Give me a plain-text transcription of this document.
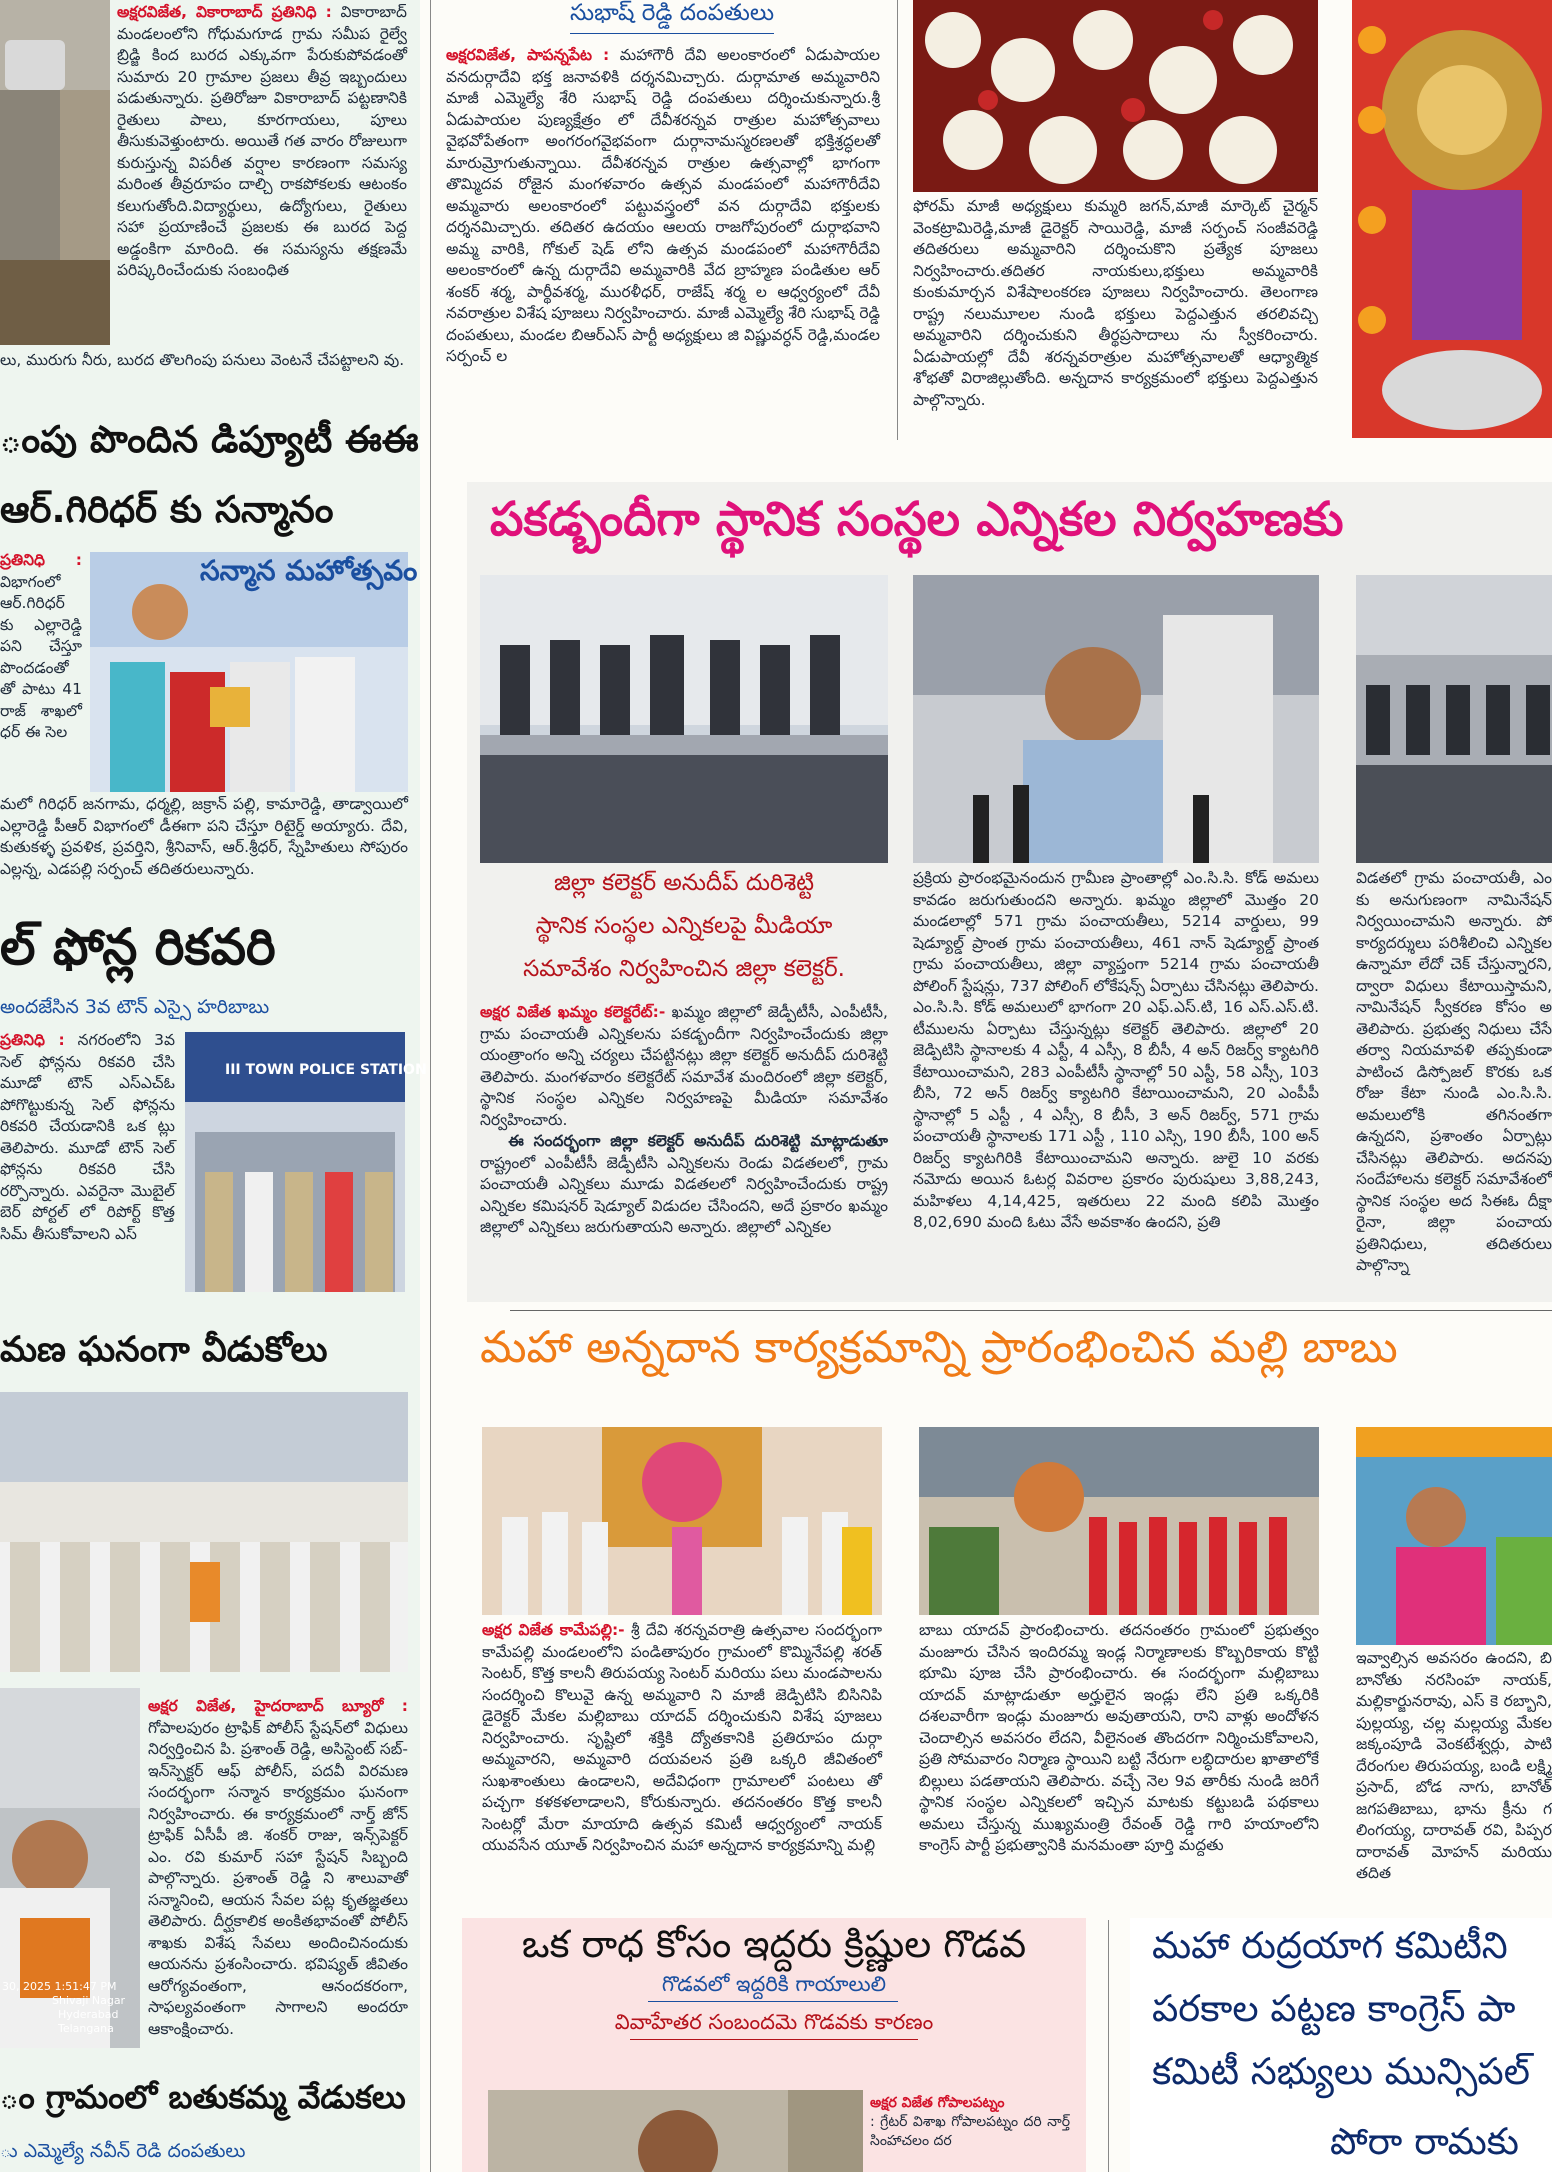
అక్షరవిజేత, వికారాబాద్ ప్రతినిధి : వికారాబాద్ మండలంలోని గోధుమగూడ గ్రామ సమీప రైల్వే బ్రిడ్జి కింద బురద ఎక్కువగా పేరుకుపోవడంతో సుమారు 20 గ్రామాల ప్రజలు తీవ్ర ఇబ్బందులు పడుతున్నారు. ప్రతిరోజూ వికారాబాద్ పట్టణానికి రైతులు పాలు, కూరగాయలు, పూలు తీసుకువెళ్తుంటారు. అయితే గత వారం రోజులుగా కురుస్తున్న విపరీత వర్షాల కారణంగా సమస్య మరింత తీవ్రరూపం దాల్చి రాకపోకలకు ఆటంకం కలుగుతోంది.విద్యార్థులు, ఉద్యోగులు, రైతులు సహా ప్రయాణించే ప్రజలకు ఈ బురద పెద్ద అడ్డంకిగా మారింది. ఈ సమస్యను తక్షణమే పరిష్కరించేందుకు సంబంధిత

లు, మురుగు నీరు, బురద తొలగింపు పనులు వెంటనే చేపట్టాలని వు.

ంపు పొందిన డిప్యూటీ ఈఈ
ఆర్.గిరిధర్ కు సన్మానం

ప్రతినిధి : విభాగంలో ఆర్.గిరిధర్ కు ఎల్లారెడ్డి పని చేస్తూ పొందడంతో తో పాటు 41 రాజ్ శాఖలో ధర్ ఈ సెల

సన్మాన మహోత్సవం

మలో గిరిధర్ జనగామ, ధర్మల్లి, జక్రాన్ పల్లి, కామారెడ్డి, తాడ్వాయిలో ఎల్లారెడ్డి పీఆర్ విభాగంలో డీఈగా పని చేస్తూ రిటైర్డ్ అయ్యారు. దేవి, కుతుకళ్ళ ప్రవళిక, ప్రవర్తిని, శ్రీనివాస్, ఆర్.శ్రీధర్, స్నేహితులు సోపురం ఎల్లన్న, ఎడపల్లి సర్పంచ్ తదితరులున్నారు.

ల్ ఫోన్ల రికవరి
అందజేసిన 3వ టౌన్ ఎస్సై హరిబాబు

ప్రతినిధి : నగరంలోని 3వ సెల్ ఫోన్లను రికవరి చేసి మూడో టౌన్ ఎస్ఎచ్ఓ పోగొట్టుకున్న సెల్ ఫోన్లను రికవరి చేయడానికి ఒక ట్లు తెలిపారు. మూడో టౌన్ సెల్ ఫోన్లను రికవరి చేసి రర్పొన్నారు. ఎవరైనా మొబైల్ బెర్ పోర్టల్ లో రిపోర్ట్ కొత్త సిమ్ తీసుకోవాలని ఎస్

III TOWN POLICE STATION
మణ ఘనంగా వీడుకోలు
30, 2025 1:51:47 PM
Shivaji Nagar
Hyderabad
Telangana

అక్షర విజేత, హైదరాబాద్ బ్యూరో : గోపాలపురం ట్రాఫిక్ పోలీస్ స్టేషన్‌లో విధులు నిర్వర్తించిన పి. ప్రశాంత్ రెడ్డి, అసిస్టెంట్ సబ్-ఇన్‌స్పెక్టర్ ఆఫ్ పోలీస్, పదవీ విరమణ సందర్భంగా సన్మాన కార్యక్రమం ఘనంగా నిర్వహించారు. ఈ కార్యక్రమంలో నార్త్ జోన్ ట్రాఫిక్ ఏసీపీ జి. శంకర్ రాజు, ఇన్స్‌పెక్టర్ ఎం. రవి కుమార్ సహా స్టేషన్ సిబ్బంది పాల్గొన్నారు. ప్రశాంత్ రెడ్డి ని శాలువాతో సన్మానించి, ఆయన సేవల పట్ల కృతజ్ఞతలు తెలిపారు. దీర్ఘకాలిక అంకితభావంతో పోలీస్ శాఖకు విశేష సేవలు అందించినందుకు ఆయనను ప్రశంసించారు. భవిష్యత్ జీవితం ఆరోగ్యవంతంగా, ఆనందకరంగా, సాఫల్యవంతంగా సాగాలని అందరూ ఆకాంక్షించారు.

ం గ్రామంలో బతుకమ్మ వేడుకలు
ు ఎమ్మెల్యే నవీన్ రెడి దంపతులు
సుభాష్ రెడ్డి దంపతులు

అక్షరవిజేత, పాపన్నపేట : మహాగౌరీ దేవి అలంకారంలో ఏడుపాయల వనదుర్గాదేవి భక్త జనావళికి దర్శనమిచ్చారు. దుర్గామాత అమ్మవారిని మాజీ ఎమ్మెల్యే శేరి సుభాష్ రెడ్డి దంపతులు దర్శించుకున్నారు.శ్రీ ఏడుపాయల పుణ్యక్షేత్రం లో దేవీశరన్నవ రాత్రుల మహోత్సవాలు వైభవోపేతంగా అంగరంగవైభవంగా దుర్గానామస్మరణలతో భక్తిశ్రద్ధలతో మారుమ్రోగుతున్నాయి. దేవీశరన్నవ రాత్రుల ఉత్సవాల్లో భాగంగా తొమ్మిదవ రోజైన మంగళవారం ఉత్సవ మండపంలో మహాగౌరీదేవి అమ్మవారు అలంకారంలో పట్టువస్త్రంలో వన దుర్గాదేవి భక్తులకు దర్శనమిచ్చారు. తదితర ఉదయం ఆలయ రాజగోపురంలో దుర్గాభవాని అమ్మ వారికి, గోకుల్ షెడ్ లోని ఉత్సవ మండపంలో మహాగౌరీదేవి అలంకారంలో ఉన్న దుర్గాదేవి అమ్మవారికి వేద బ్రాహ్మణ పండితుల ఆర్ శంకర్ శర్మ, పార్థీవశర్మ, మురళీధర్, రాజేష్ శర్మ ల ఆధ్వర్యంలో దేవీ నవరాత్రుల విశేష పూజలు నిర్వహించారు. మాజీ ఎమ్మెల్యే శేరి సుభాష్ రెడ్డి దంపతులు, మండల బిఆర్ఎస్ పార్టీ అధ్యక్షులు జి విష్ణువర్ధన్ రెడ్డి,మండల సర్పంచ్ ల

ఫోరమ్ మాజీ అధ్యక్షులు కుమ్మరి జగన్,మాజీ మార్కెట్ చైర్మన్ వెంకట్రామిరెడ్డి,మాజీ డైరెక్టర్ సాయిరెడ్డి, మాజీ సర్పంచ్ సంజీవరెడ్డి తదితరులు అమ్మవారిని దర్శించుకొని ప్రత్యేక పూజలు నిర్వహించారు.తదితర నాయకులు,భక్తులు అమ్మవారికి కుంకుమార్చన విశేషాలంకరణ పూజలు నిర్వహించారు. తెలంగాణ రాష్ట్ర నలుమూలల నుండి భక్తులు పెద్దఎత్తున తరలివచ్చి అమ్మవారిని దర్శించుకుని తీర్థప్రసాదాలు ను స్వీకరించారు. ఏడుపాయల్లో దేవీ శరన్నవరాత్రుల మహోత్సవాలతో ఆధ్యాత్మిక శోభతో విరాజిల్లుతోంది. అన్నదాన కార్యక్రమంలో భక్తులు పెద్దఎత్తున పాల్గొన్నారు.

పకడ్బందీగా స్థానిక సంస్థల ఎన్నికల నిర్వహణకు
జిల్లా కలెక్టర్ అనుదీప్ దురిశెట్టి
స్థానిక సంస్థల ఎన్నికలపై మీడియా
సమావేశం నిర్వహించిన జిల్లా కలెక్టర్.

అక్షర విజేత ఖమ్మం కలెక్టరేట్:- ఖమ్మం జిల్లాలో జెడ్పీటీసీ, ఎంపీటీసీ, గ్రామ పంచాయతీ ఎన్నికలను పకడ్బందీగా నిర్వహించేందుకు జిల్లా యంత్రాంగం అన్ని చర్యలు చేపట్టినట్లు జిల్లా కలెక్టర్ అనుదీప్ దురిశెట్టి తెలిపారు. మంగళవారం కలెక్టరేట్ సమావేశ మందిరంలో జిల్లా కలెక్టర్, స్థానిక సంస్థల ఎన్నికల నిర్వహణపై మీడియా సమావేశం నిర్వహించారు.
ఈ సందర్భంగా జిల్లా కలెక్టర్ అనుదీప్ దురిశెట్టి మాట్లాడుతూ రాష్ట్రంలో ఎంపీటీసీ జెడ్పీటీసి ఎన్నికలను రెండు విడతలలో, గ్రామ పంచాయతీ ఎన్నికలు మూడు విడతలలో నిర్వహించేందుకు రాష్ట్ర ఎన్నికల కమిషనర్ షెడ్యూల్ విడుదల చేసిందని, అదే ప్రకారం ఖమ్మం జిల్లాలో ఎన్నికలు జరుగుతాయని అన్నారు. జిల్లాలో ఎన్నికల

ప్రక్రియ ప్రారంభమైనందున గ్రామీణ ప్రాంతాల్లో ఎం.సి.సి. కోడ్ అమలు కావడం జరుగుతుందని అన్నారు. ఖమ్మం జిల్లాలో మొత్తం 20 మండలాల్లో 571 గ్రామ పంచాయతీలు, 5214 వార్డులు, 99 షెడ్యూల్డ్ ప్రాంత గ్రామ పంచాయతీలు, 461 నాన్ షెడ్యూల్డ్ ప్రాంత గ్రామ పంచాయతీలు, జిల్లా వ్యాప్తంగా 5214 గ్రామ పంచాయతీ పోలింగ్ స్టేషన్లు, 737 పోలింగ్ లోకేషన్స్ ఏర్పాటు చేసినట్లు తెలిపారు. ఎం.సి.సి. కోడ్ అమలులో భాగంగా 20 ఎఫ్.ఎస్.టి, 16 ఎస్.ఎస్.టి. టీములను ఏర్పాటు చేస్తున్నట్లు కలెక్టర్ తెలిపారు. జిల్లాలో 20 జెడ్పిటిసి స్థానాలకు 4 ఎస్టీ, 4 ఎస్సీ, 8 బీసీ, 4 అన్ రిజర్వ్ క్యాటగిరి కేటాయించామని, 283 ఎంపీటీసీ స్థానాల్లో 50 ఎస్టీ, 58 ఎస్సీ, 103 బీసి, 72 అన్ రిజర్వ్ క్యాటగిరి కేటాయించామని, 20 ఎంపీపీ స్థానాల్లో 5 ఎస్టీ , 4 ఎస్సీ, 8 బీసీ, 3 అన్ రిజర్వ్, 571 గ్రామ పంచాయతీ స్థానాలకు 171 ఎస్టీ , 110 ఎస్సి, 190 బీసీ, 100 అన్ రిజర్వ్ క్యాటగిరికి కేటాయించామని అన్నారు. జులై 10 వరకు నమోదు అయిన ఓటర్ల వివరాల ప్రకారం పురుషులు 3,88,243, మహిళలు 4,14,425, ఇతరులు 22 మంది కలిపి మొత్తం 8,02,690 మంది ఓటు వేసే అవకాశం ఉందని, ప్రతి

విడతలో గ్రామ పంచాయతీ, ఎం కు అనుగుణంగా నామినేషన్ నిర్వయించామని అన్నారు. పో కార్యదర్శులు పరిశీలించి ఎన్నికల ఉన్నామా లేదో చెక్ చేస్తున్నారని, ద్వారా విధులు కేటాయిస్తామని, నామినేషన్ స్వీకరణ కోసం అ తెలిపారు. ప్రభుత్వ నిధులు చేసే తర్వా నియమావళి తప్పకుండా పాటించ డిస్పోజల్ కొరకు ఒక రోజు కేటా నుండి ఎం.సి.సి. అమలులోకి తగినంతగా ఉన్నదని, ప్రశాంతం ఏర్పాట్లు చేసినట్లు తెలిపారు. అదనపు సందేహాలను కలెక్టర్ సమావేశంలో స్థానిక సంస్థల అద సిఈఓ దీక్షా రైనా, జిల్లా పంచాయ ప్రతినిధులు, తదితరులు పాల్గొన్నా

మహా అన్నదాన కార్యక్రమాన్ని ప్రారంభించిన మల్లి బాబు

అక్షర విజేత కామేపల్లి:- శ్రీ దేవి శరన్నవరాత్రి ఉత్సవాల సందర్భంగా కామేపల్లి మండలంలోని పండితాపురం గ్రామంలో కొమ్మినేపల్లి శరత్ సెంటర్, కొత్త కాలనీ తిరుపయ్య సెంటర్ మరియు పలు మండపాలను సందర్శించి కొలువై ఉన్న అమ్మవారి ని మాజీ జెడ్పిటిసి బిసినిపి డైరెక్టర్ మేకల మల్లిబాబు యాదవ్ దర్శించుకుని విశేష పూజలు నిర్వహించారు. సృష్టిలో శక్తికి ద్యోతకానికి ప్రతిరూపం దుర్గా అమ్మవారని, అమ్మవారి దయవలన ప్రతి ఒక్కరి జీవితంలో సుఖశాంతులు ఉండాలని, అదేవిధంగా గ్రామాలలో పంటలు తో పచ్చగా కళకళలాడాలని, కోరుకున్నారు. తదనంతరం కొత్త కాలనీ సెంటర్లో మేరా మాయాది ఉత్సవ కమిటీ ఆధ్వర్యంలో నాయక్ యువసేన యూత్ నిర్వహించిన మహా అన్నదాన కార్యక్రమాన్ని మల్లి

బాబు యాదవ్ ప్రారంభించారు. తదనంతరం గ్రామంలో ప్రభుత్వం మంజూరు చేసిన ఇందిరమ్మ ఇండ్ల నిర్మాణాలకు కొబ్బరికాయ కొట్టి భూమి పూజ చేసి ప్రారంభించారు. ఈ సందర్భంగా మల్లిబాబు యాదవ్ మాట్లాడుతూ అర్హులైన ఇండ్లు లేని ప్రతి ఒక్కరికి దశలవారీగా ఇండ్లు మంజూరు అవుతాయని, రాని వాళ్లు అందోళన చెందాల్సిన అవసరం లేదని, వీలైనంత తొందరగా నిర్మించుకోవాలని, ప్రతి సోమవారం నిర్మాణ స్థాయిని బట్టి నేరుగా లబ్ధిదారుల ఖాతాలోకే బిల్లులు పడతాయని తెలిపారు. వచ్చే నెల 9వ తారీకు నుండి జరిగే స్థానిక సంస్థల ఎన్నికలలో ఇచ్చిన మాటకు కట్టుబడి పథకాలు అమలు చేస్తున్న ముఖ్యమంత్రి రేవంత్ రెడ్డి గారి హయాంలోని కాంగ్రెస్ పార్టీ ప్రభుత్వానికి మనమంతా పూర్తి మద్దతు

ఇవ్వాల్సిన అవసరం ఉందని, బి బానోతు నరసింహ నాయక్, మల్లికార్జునరావు, ఎస్ కె రబ్బాని, పుల్లయ్య, చల్ల మల్లయ్య మేకల జక్కంపూడి వెంకటేశ్వర్లు, పాటి దేరంగుల తిరుపయ్య, బండి లక్ష్మి ప్రసాద్, బోడ నాగు, బానోత్ జగపతిబాబు, భాను క్రీను గ లింగయ్య, దారావత్ రవి, పిప్పర దారావత్ మోహన్ మరియు తదిత

ఒక రాధ కోసం ఇద్దరు క్రిష్ణుల గొడవ
గొడవలో ఇద్దరికి గాయాలులి
వివాహేతర సంబందమె గొడవకు కారణం

అక్షర విజేత గోపాలపట్నం
: గ్రేటర్ విశాఖ గోపాలపట్నం దరి నార్త్ సింహాచలం దర

మహా రుద్రయాగ కమిటీని
పరకాల పట్టణ కాంగ్రెస్ పా
కమిటీ సభ్యులు మున్సిపల్
పోరా రామకు
